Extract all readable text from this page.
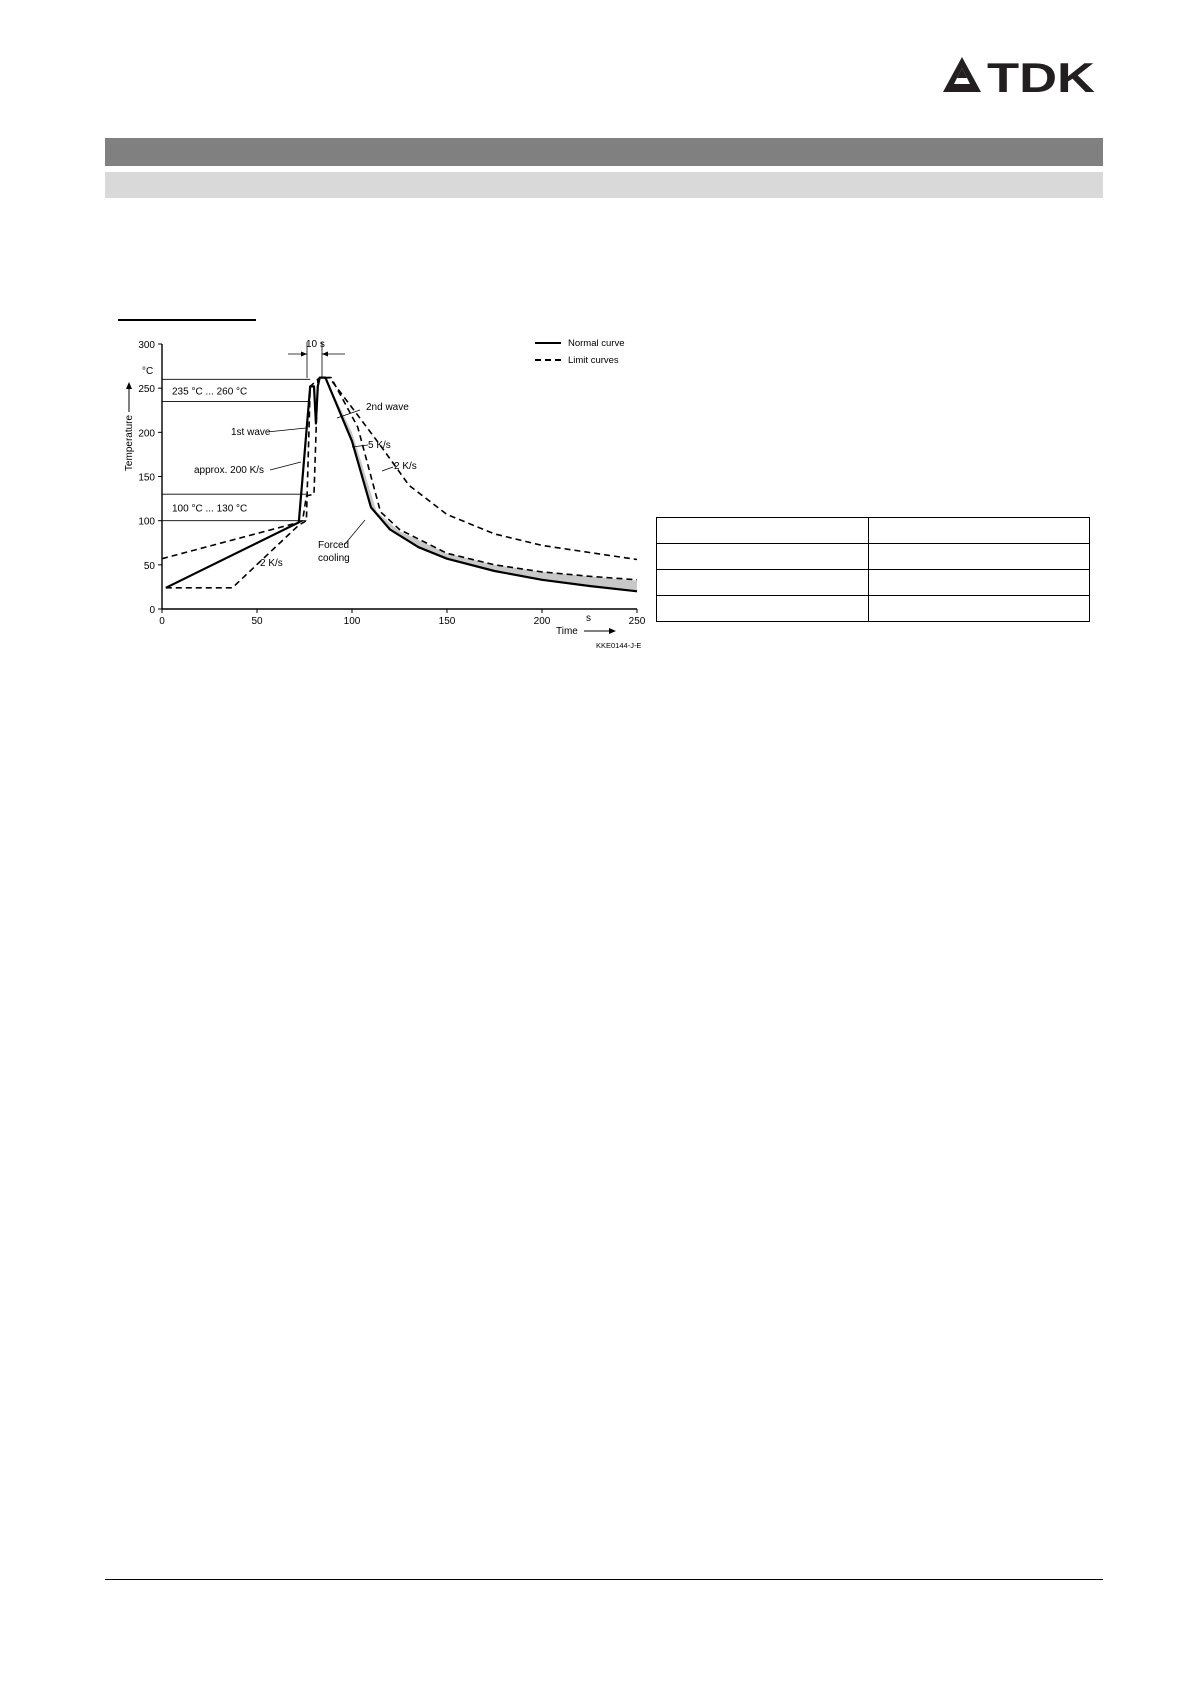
TDK
235 °C ... 260 °C
100 °C ... 130 °C
0	50	100	150	200	250
0
50
100
150
200
250
300
°C
Temperature
Time
s
KKE0144-J-E
Normal curve
Limit curves
10 s
1st wave
2nd wave
approx. 200 K/s
5 K/s
2 K/s
2 K/s
Forced
cooling
